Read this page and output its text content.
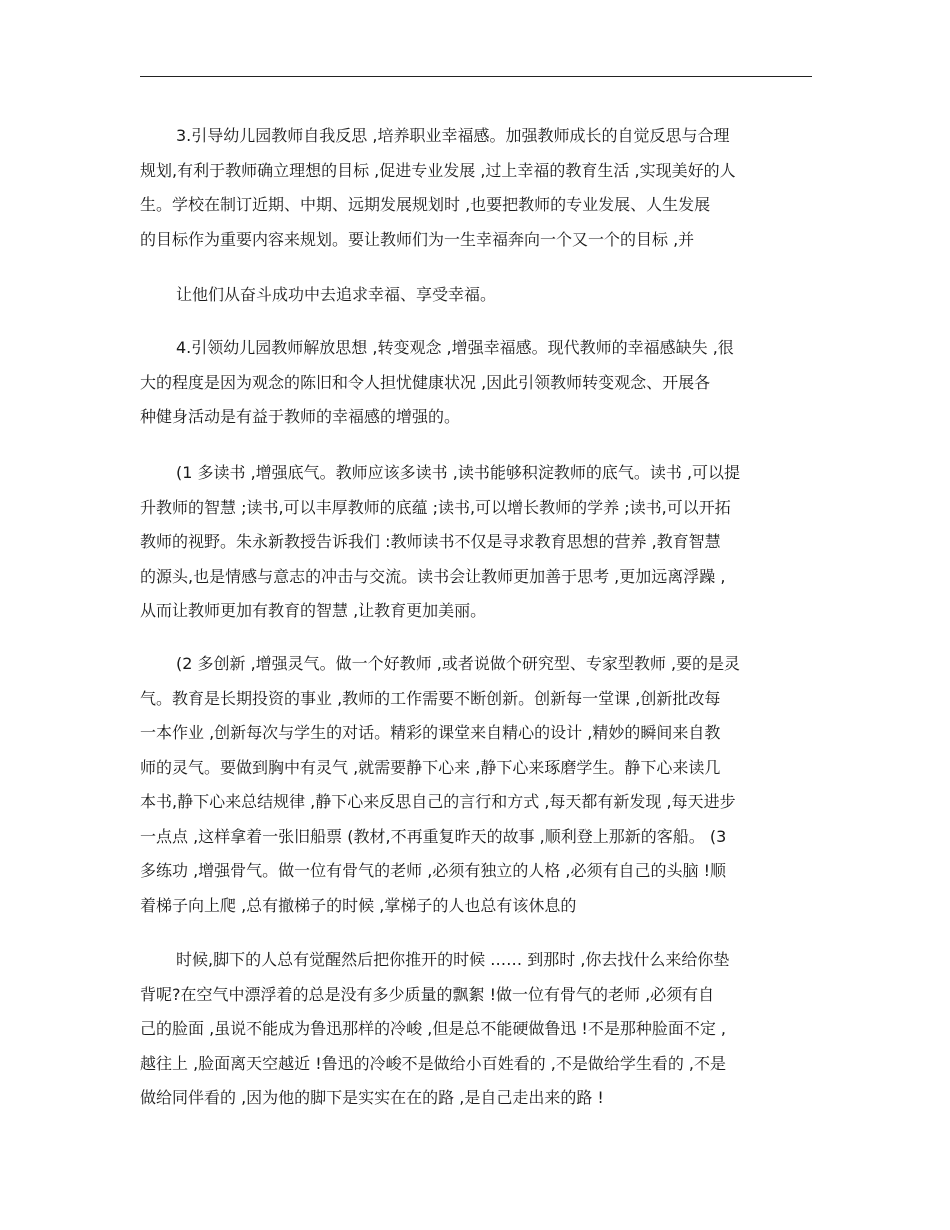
3.引导幼儿园教师自我反思 ,培养职业幸福感。加强教师成长的自觉反思与合理
规划,有利于教师确立理想的目标 ,促进专业发展 ,过上幸福的教育生活 ,实现美好的人
生。学校在制订近期、中期、远期发展规划时 ,也要把教师的专业发展、人生发展
的目标作为重要内容来规划。要让教师们为一生幸福奔向一个又一个的目标 ,并
让他们从奋斗成功中去追求幸福、享受幸福。
4.引领幼儿园教师解放思想 ,转变观念 ,增强幸福感。现代教师的幸福感缺失 ,很
大的程度是因为观念的陈旧和令人担忧健康状况 ,因此引领教师转变观念、开展各
种健身活动是有益于教师的幸福感的增强的。
(1 多读书 ,增强底气。教师应该多读书 ,读书能够积淀教师的底气。读书 ,可以提
升教师的智慧 ;读书,可以丰厚教师的底蕴 ;读书,可以增长教师的学养 ;读书,可以开拓
教师的视野。朱永新教授告诉我们 :教师读书不仅是寻求教育思想的营养 ,教育智慧
的源头,也是情感与意志的冲击与交流。读书会让教师更加善于思考 ,更加远离浮躁 ,
从而让教师更加有教育的智慧 ,让教育更加美丽。
(2 多创新 ,增强灵气。做一个好教师 ,或者说做个研究型、专家型教师 ,要的是灵
气。教育是长期投资的事业 ,教师的工作需要不断创新。创新每一堂课 ,创新批改每
一本作业 ,创新每次与学生的对话。精彩的课堂来自精心的设计 ,精妙的瞬间来自教
师的灵气。要做到胸中有灵气 ,就需要静下心来 ,静下心来琢磨学生。静下心来读几
本书,静下心来总结规律 ,静下心来反思自己的言行和方式 ,每天都有新发现 ,每天进步
一点点 ,这样拿着一张旧船票 (教材,不再重复昨天的故事 ,顺利登上那新的客船。 (3
多练功 ,增强骨气。做一位有骨气的老师 ,必须有独立的人格 ,必须有自己的头脑 !顺
着梯子向上爬 ,总有撤梯子的时候 ,掌梯子的人也总有该休息的
时候,脚下的人总有觉醒然后把你推开的时候 …… 到那时 ,你去找什么来给你垫
背呢?在空气中漂浮着的总是没有多少质量的飘絮 !做一位有骨气的老师 ,必须有自
己的脸面 ,虽说不能成为鲁迅那样的冷峻 ,但是总不能硬做鲁迅 !不是那种脸面不定 ,
越往上 ,脸面离天空越近 !鲁迅的冷峻不是做给小百姓看的 ,不是做给学生看的 ,不是
做给同伴看的 ,因为他的脚下是实实在在的路 ,是自己走出来的路 !
